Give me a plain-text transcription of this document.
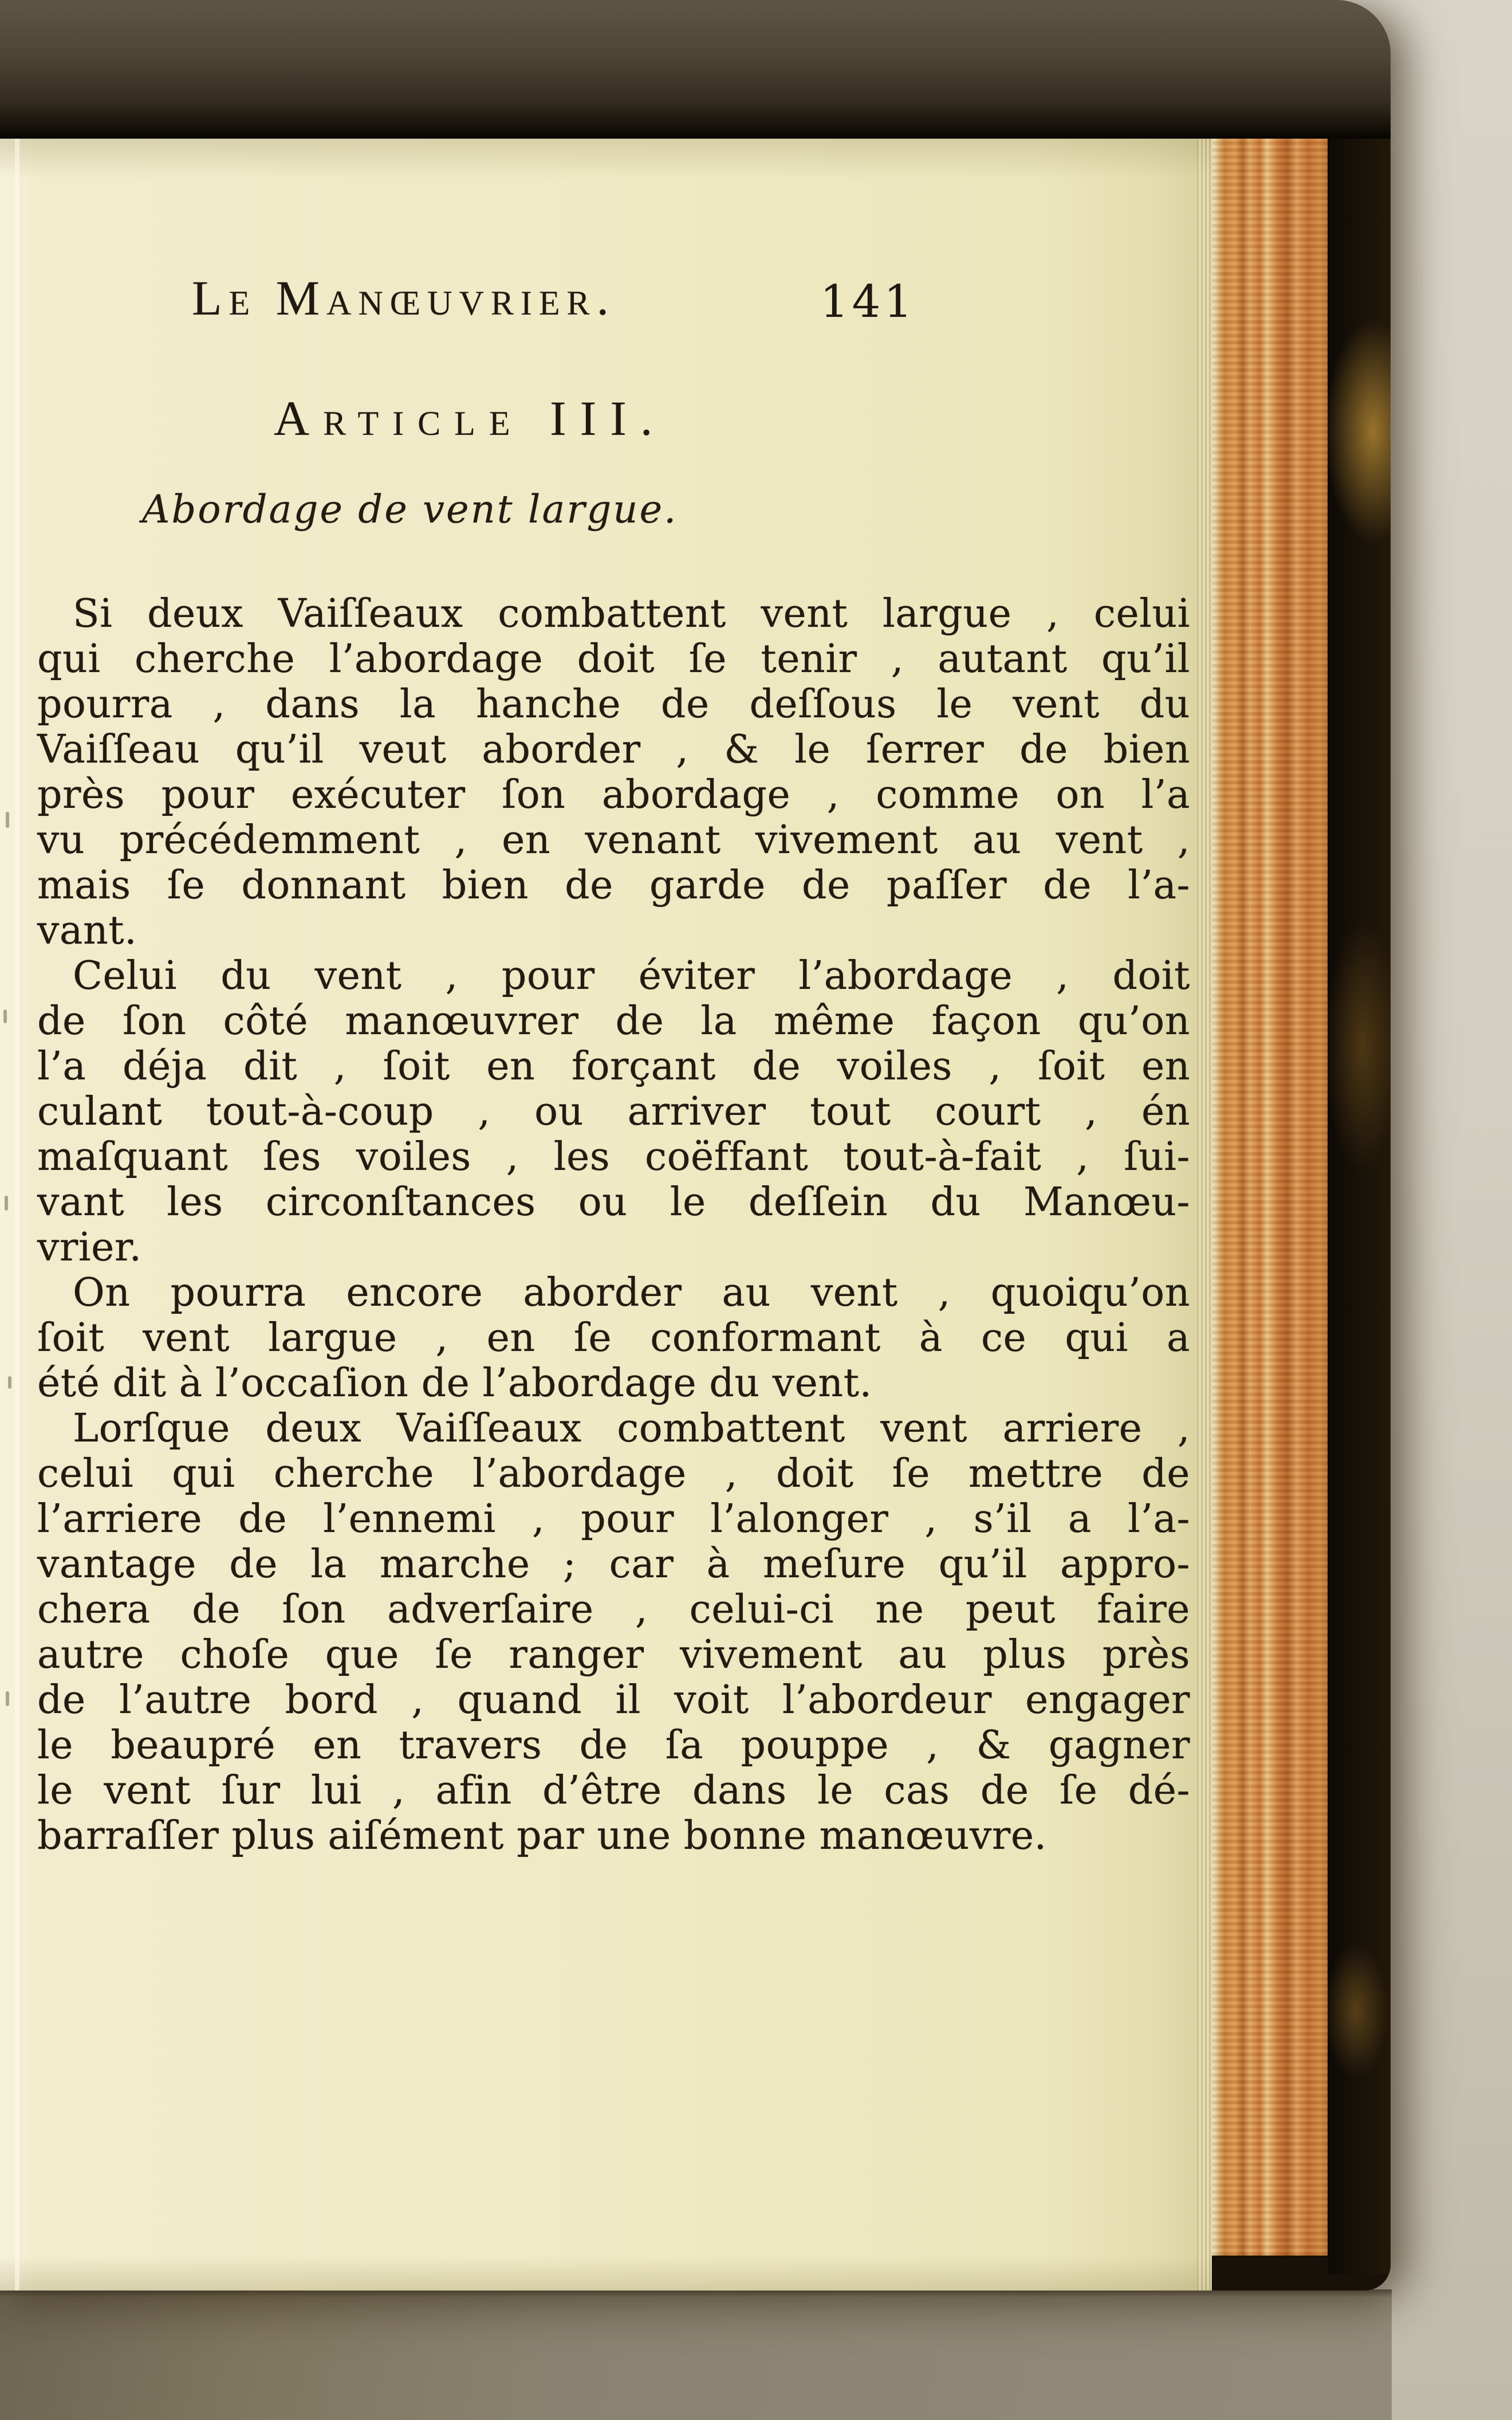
Le Manœuvrier.	141
Article III.
Abordage de vent largue.
Si deux Vaiſſeaux combattent vent largue , celui
qui cherche l’abordage doit ſe tenir , autant qu’il
pourra , dans la hanche de deſſous le vent du
Vaiſſeau qu’il veut aborder , & le ſerrer de bien
près pour exécuter ſon abordage , comme on l’a
vu précédemment , en venant vivement au vent ,
mais ſe donnant bien de garde de paſſer de l’a-
vant.
Celui du vent , pour éviter l’abordage , doit
de ſon côté manœuvrer de la même façon qu’on
l’a déja dit , ſoit en forçant de voiles , ſoit en
culant tout-à-coup , ou arriver tout court , én
maſquant ſes voiles , les coëffant tout-à-fait , ſui-
vant les circonſtances ou le deſſein du Manœu-
vrier.
On pourra encore aborder au vent , quoiqu’on
ſoit vent largue , en ſe conformant à ce qui a
été dit à l’occaſion de l’abordage du vent.
Lorſque deux Vaiſſeaux combattent vent arriere ,
celui qui cherche l’abordage , doit ſe mettre de
l’arriere de l’ennemi , pour l’alonger , s’il a l’a-
vantage de la marche ; car à meſure qu’il appro-
chera de ſon adverſaire , celui-ci ne peut faire
autre choſe que ſe ranger vivement au plus près
de l’autre bord , quand il voit l’abordeur engager
le beaupré en travers de ſa pouppe , & gagner
le vent ſur lui , afin d’être dans le cas de ſe dé-
barraſſer plus aiſément par une bonne manœuvre.
